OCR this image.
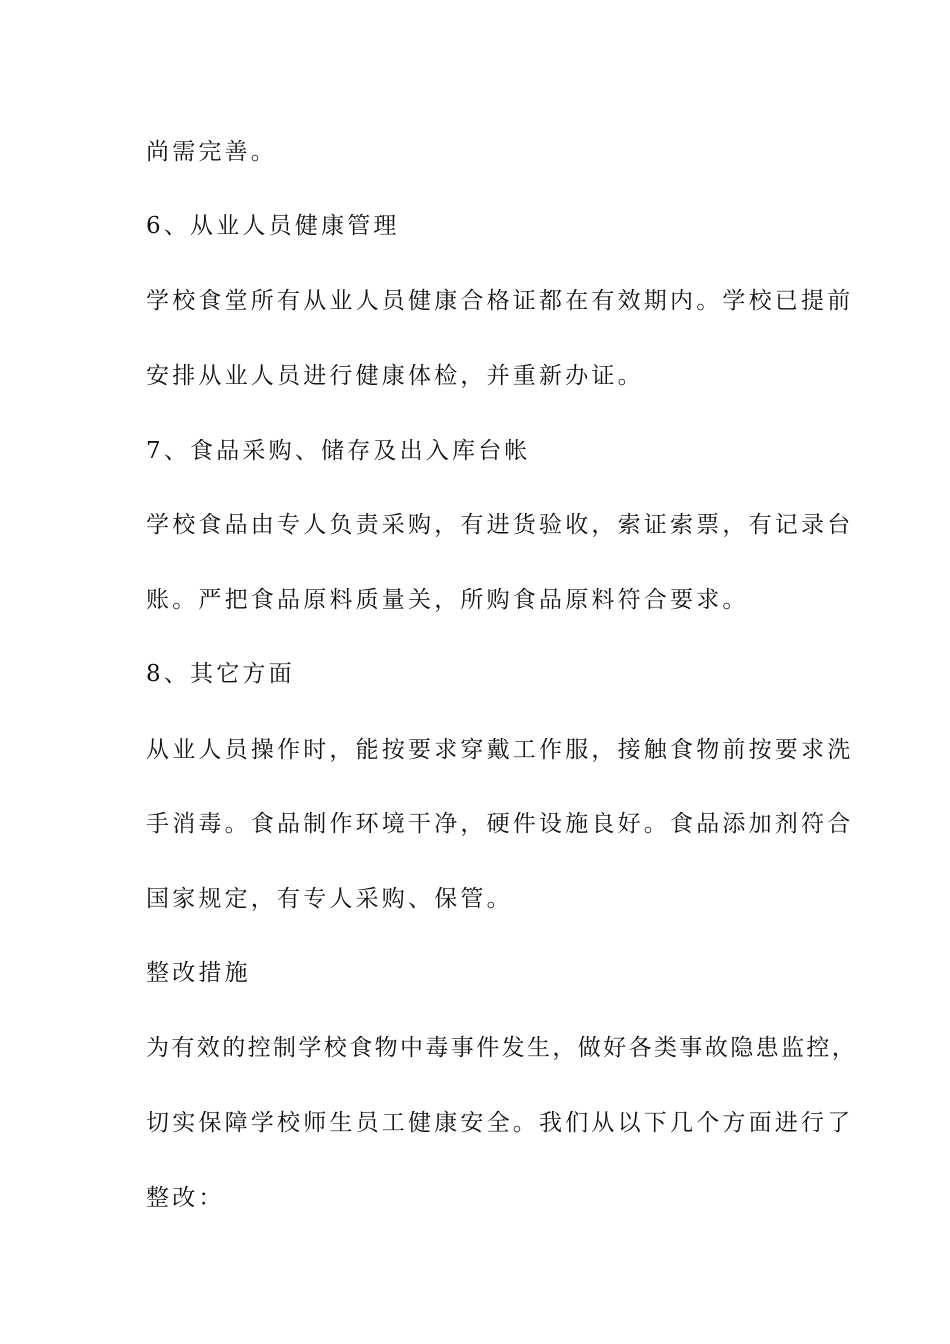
尚需完善。
6、从业人员健康管理
学校食堂所有从业人员健康合格证都在有效期内。学校已提前
安排从业人员进行健康体检，并重新办证。
7、食品采购、储存及出入库台帐
学校食品由专人负责采购，有进货验收，索证索票，有记录台
账。严把食品原料质量关，所购食品原料符合要求。
8、其它方面
从业人员操作时，能按要求穿戴工作服，接触食物前按要求洗
手消毒。食品制作环境干净，硬件设施良好。食品添加剂符合
国家规定，有专人采购、保管。
整改措施
为有效的控制学校食物中毒事件发生，做好各类事故隐患监控，
切实保障学校师生员工健康安全。我们从以下几个方面进行了
整改：
